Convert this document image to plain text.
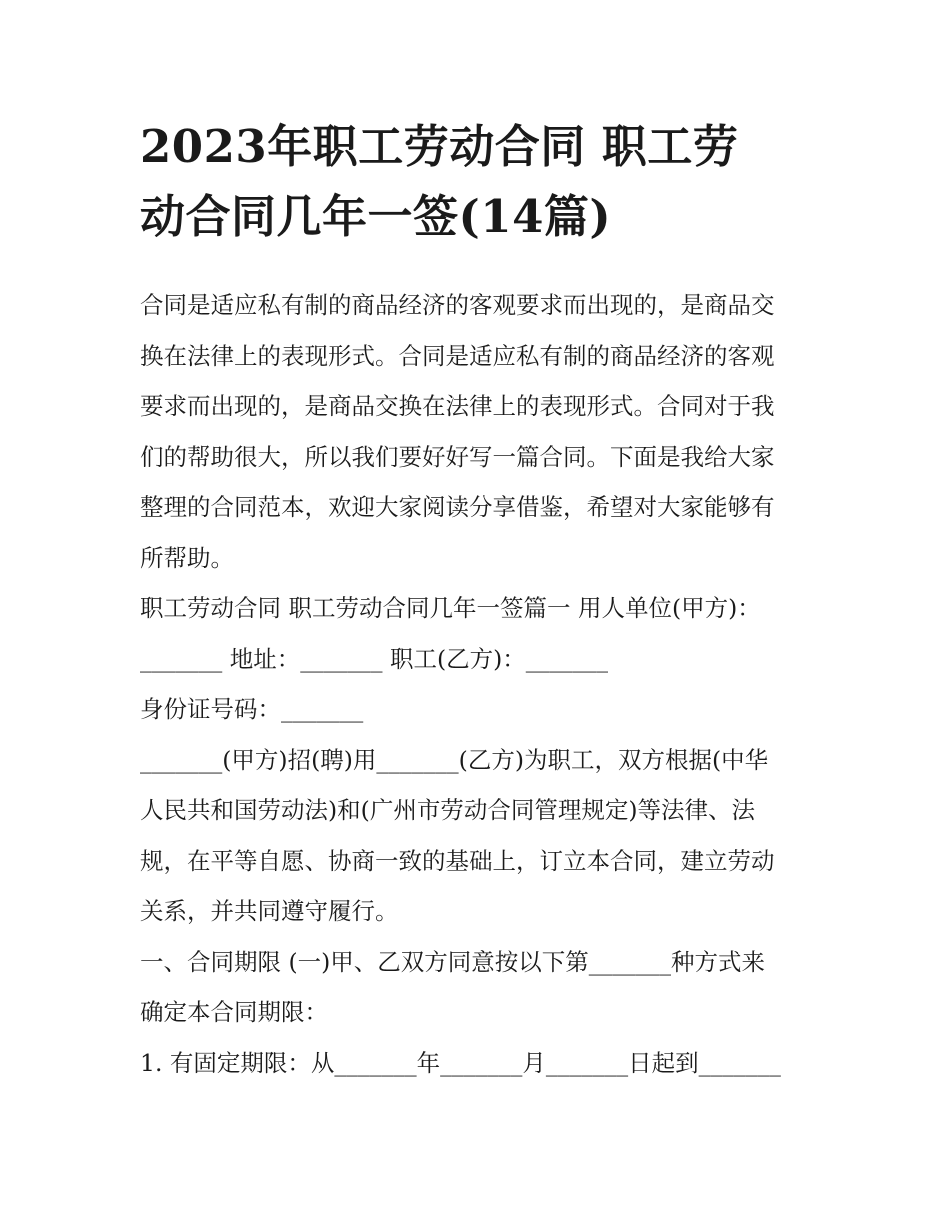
2023年职工劳动合同 职工劳
动合同几年一签(14篇)

合同是适应私有制的商品经济的客观要求而出现的，是商品交
换在法律上的表现形式。合同是适应私有制的商品经济的客观
要求而出现的，是商品交换在法律上的表现形式。合同对于我
们的帮助很大，所以我们要好好写一篇合同。下面是我给大家
整理的合同范本，欢迎大家阅读分享借鉴，希望对大家能够有
所帮助。

职工劳动合同 职工劳动合同几年一签篇一 用人单位(甲方)：
_______ 地址：_______ 职工(乙方)：_______

身份证号码：_______

_______(甲方)招(聘)用_______(乙方)为职工，双方根据(中华
人民共和国劳动法)和(广州市劳动合同管理规定)等法律、法
规，在平等自愿、协商一致的基础上，订立本合同，建立劳动
关系，并共同遵守履行。

一、合同期限 (一)甲、乙双方同意按以下第_______种方式来
确定本合同期限：

1. 有固定期限：从_______年_______月_______日起到_______
